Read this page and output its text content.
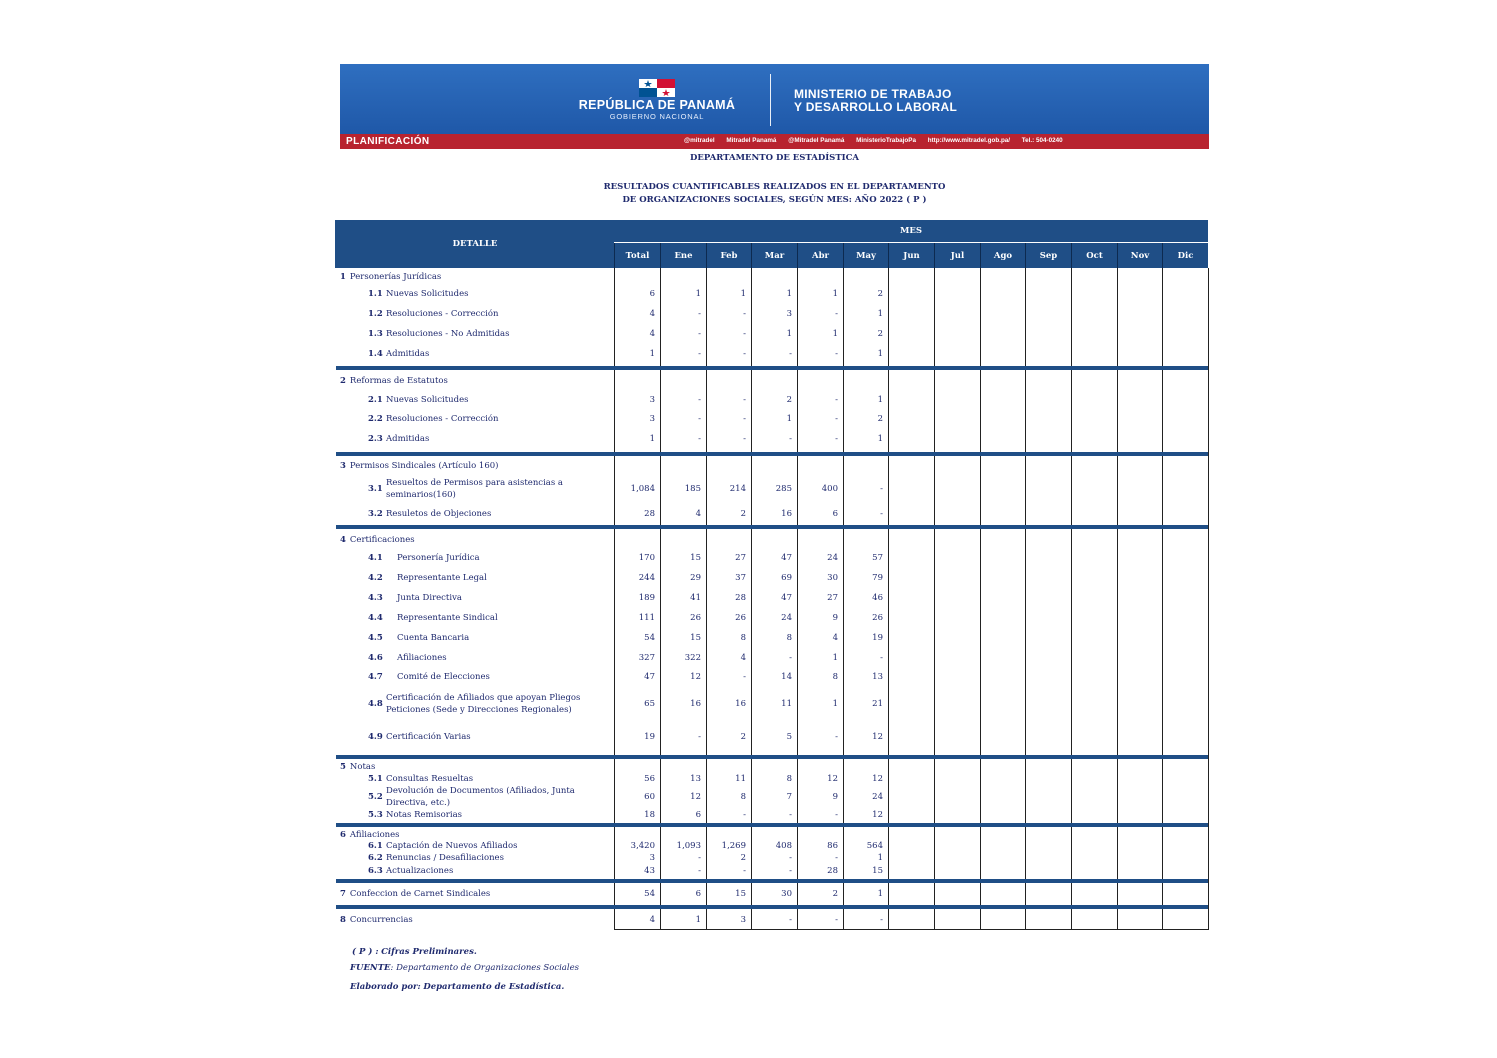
REPÚBLICA DE PANAMÁ
GOBIERNO NACIONAL
MINISTERIO DE TRABAJO
Y DESARROLLO LABORAL
PLANIFICACIÓN	@mitradel Mitradel Panamá @Mitradel Panamá MinisterioTrabajoPa http://www.mitradel.gob.pa/ Tel.: 504-0240
DEPARTAMENTO DE ESTADÍSTICA
RESULTADOS CUANTIFICABLES REALIZADOS EN EL DEPARTAMENTO
DE ORGANIZACIONES SOCIALES, SEGÚN MES: AÑO 2022 ( P )
DETALLE
MES
Total	Ene	Feb	Mar	Abr	May	Jun	Jul	Ago	Sep	Oct	Nov	Dic
1 Personerías Jurídicas
1.1 Nuevas Solicitudes	6	1	1	1	1	2
1.2 Resoluciones - Corrección	4	-	-	3	-	1
1.3 Resoluciones - No Admitidas	4	-	-	1	1	2
1.4 Admitidas	1	-	-	-	-	1
2 Reformas de Estatutos
2.1 Nuevas Solicitudes	3	-	-	2	-	1
2.2 Resoluciones - Corrección	3	-	-	1	-	2
2.3 Admitidas	1	-	-	-	-	1
3 Permisos Sindicales (Artículo 160)
3.1
Resueltos de Permisos para asistencias a seminarios(160)
1,084	185	214	285	400	-
3.2 Resuletos de Objeciones	28	4	2	16	6	-
4 Certificaciones
4.1 Personería Jurídica	170	15	27	47	24	57
4.2 Representante Legal	244	29	37	69	30	79
4.3 Junta Directiva	189	41	28	47	27	46
4.4 Representante Sindical	111	26	26	24	9	26
4.5 Cuenta Bancaria	54	15	8	8	4	19
4.6 Afiliaciones	327	322	4	-	1	-
4.7 Comité de Elecciones	47	12	-	14	8	13
4.8
Certificación de Afiliados que apoyan Pliegos Peticiones (Sede y Direcciones Regionales)
65	16	16	11	1	21
4.9 Certificación Varias	19	-	2	5	-	12
5 Notas
5.1 Consultas Resueltas	56	13	11	8	12	12
5.2
Devolución de Documentos (Afiliados, Junta Directiva, etc.)
60	12	8	7	9	24
5.3 Notas Remisorias	18	6	-	-	-	12
6 Afiliaciones
6.1 Captación de Nuevos Afiliados	3,420	1,093	1,269	408	86	564
6.2 Renuncias / Desafiliaciones	3	-	2	-	-	1
6.3 Actualizaciones	43	-	-	-	28	15
7 Confeccion de Carnet Sindicales	54	6	15	30	2	1
8 Concurrencias	4	1	3	-	-	-
( P ) : Cifras Preliminares.
FUENTE: Departamento de Organizaciones Sociales
Elaborado por: Departamento de Estadística.
